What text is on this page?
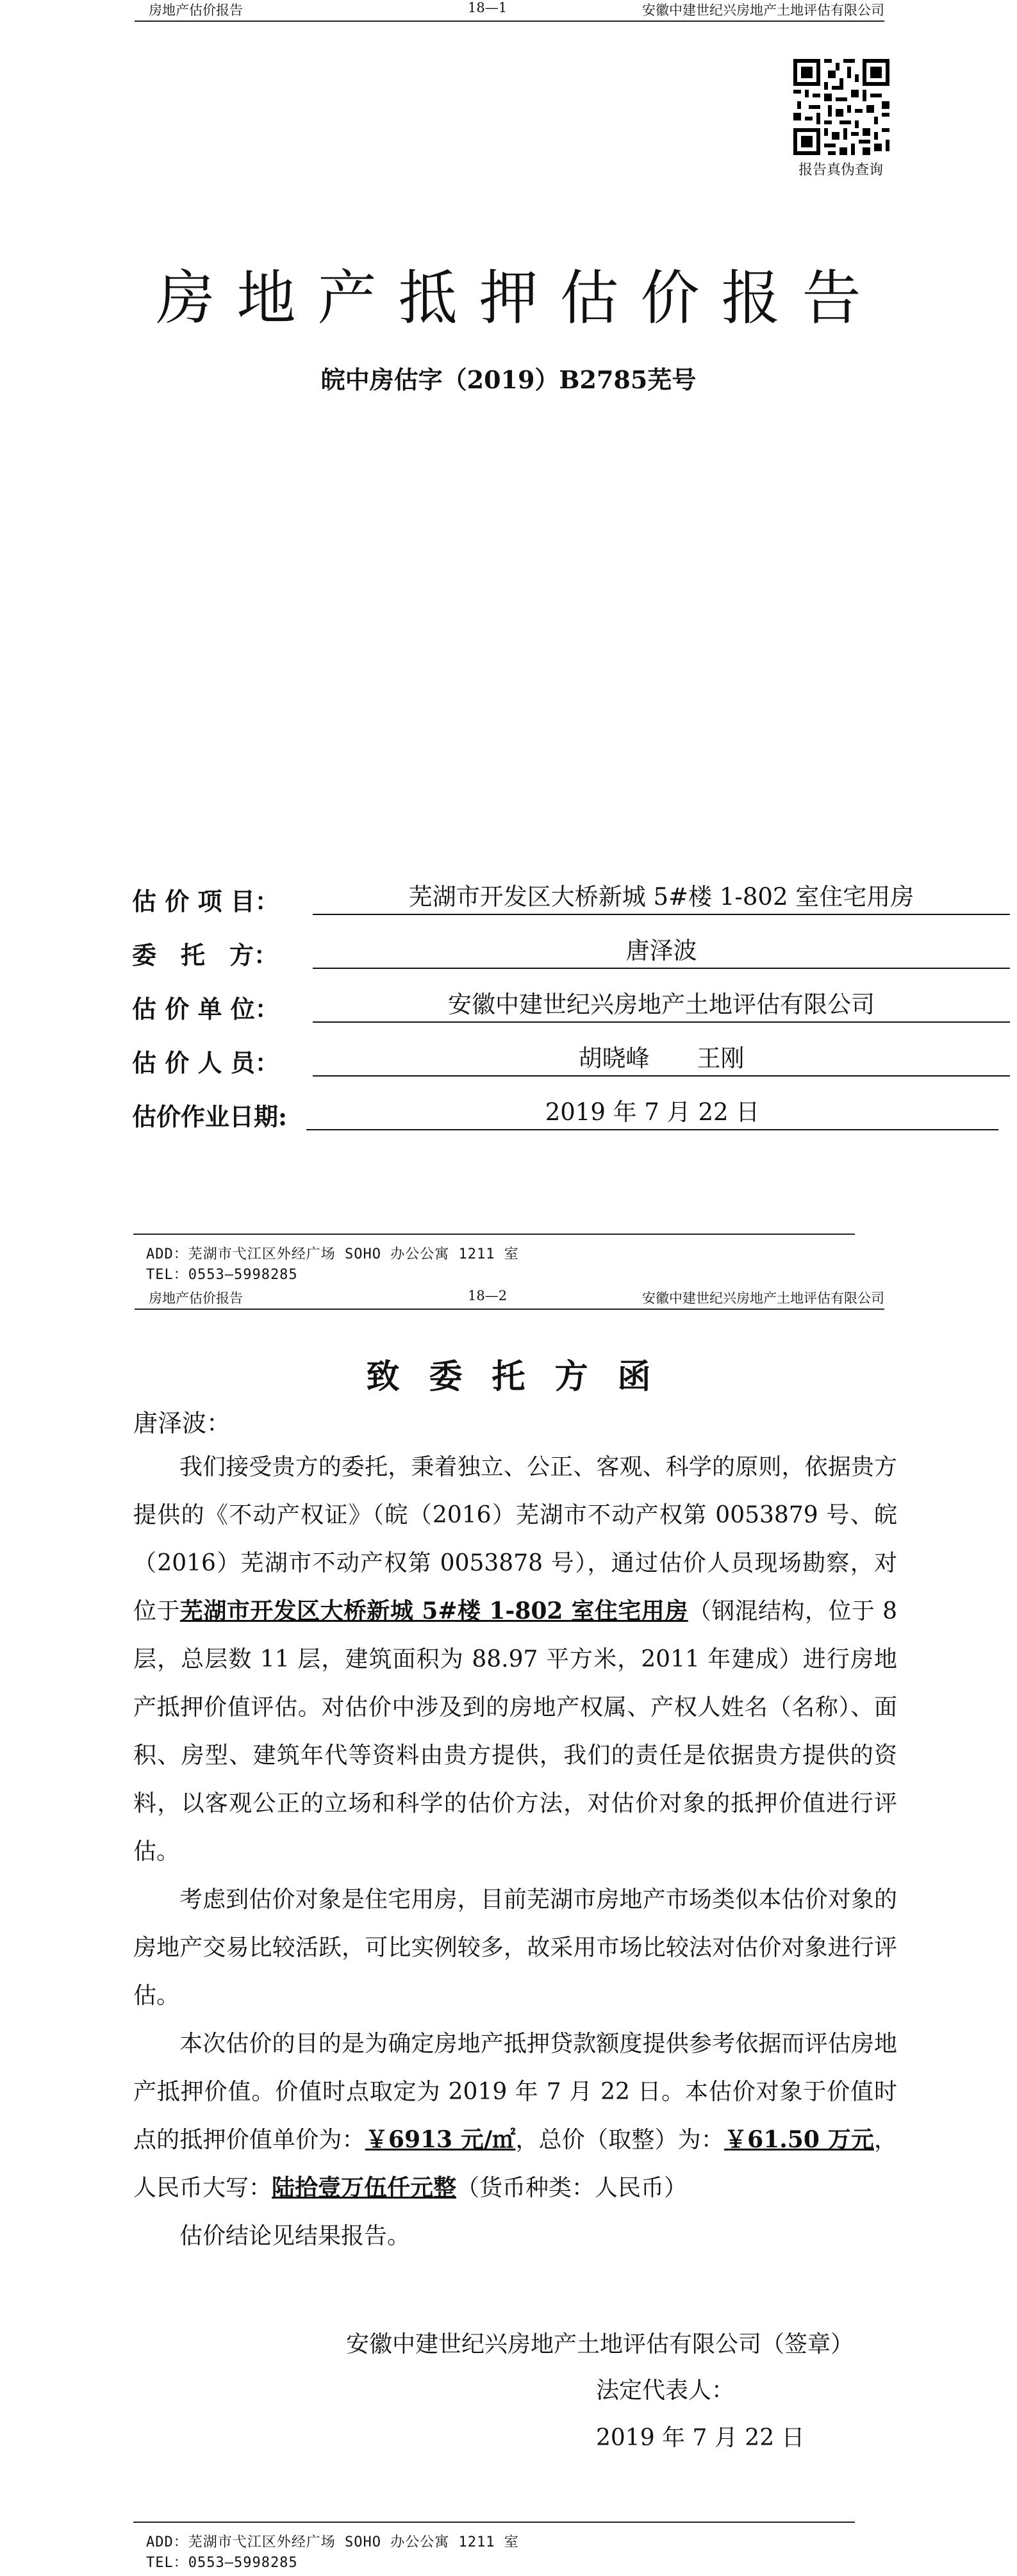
房地产估价报告	18—1	安徽中建世纪兴房地产土地评估有限公司
报告真伪查询
房地产抵押估价报告
皖中房估字（2019）B2785芜号
估 价 项 目：	芜湖市开发区大桥新城 5#楼 1-802 室住宅用房
委　托　方：	唐泽波
估 价 单 位：	安徽中建世纪兴房地产土地评估有限公司
估 价 人 员：	胡晓峰　　王刚
估价作业日期:	2019 年 7 月 22 日
ADD：芜湖市弋江区外经广场 SOHO 办公公寓 1211 室
TEL：0553—5998285
房地产估价报告	18—2	安徽中建世纪兴房地产土地评估有限公司
致委托方函
唐泽波：

我们接受贵方的委托，秉着独立、公正、客观、科学的原则，依据贵方提供的《不动产权证》（皖（2016）芜湖市不动产权第 0053879 号、皖（2016）芜湖市不动产权第 0053878 号），通过估价人员现场勘察，对位于芜湖市开发区大桥新城 5#楼 1-802 室住宅用房（钢混结构，位于 8 层，总层数 11 层，建筑面积为 88.97 平方米，2011 年建成）进行房地产抵押价值评估。对估价中涉及到的房地产权属、产权人姓名（名称）、面积、房型、建筑年代等资料由贵方提供，我们的责任是依据贵方提供的资料，以客观公正的立场和科学的估价方法，对估价对象的抵押价值进行评估。

考虑到估价对象是住宅用房，目前芜湖市房地产市场类似本估价对象的房地产交易比较活跃，可比实例较多，故采用市场比较法对估价对象进行评估。

本次估价的目的是为确定房地产抵押贷款额度提供参考依据而评估房地产抵押价值。价值时点取定为 2019 年 7 月 22 日。本估价对象于价值时点的抵押价值单价为：￥6913 元/㎡，总价（取整）为：￥61.50 万元，人民币大写：陆拾壹万伍仟元整（货币种类：人民币）

估价结论见结果报告。

安徽中建世纪兴房地产土地评估有限公司（签章）
法定代表人：
2019 年 7 月 22 日
ADD：芜湖市弋江区外经广场 SOHO 办公公寓 1211 室
TEL：0553—5998285
